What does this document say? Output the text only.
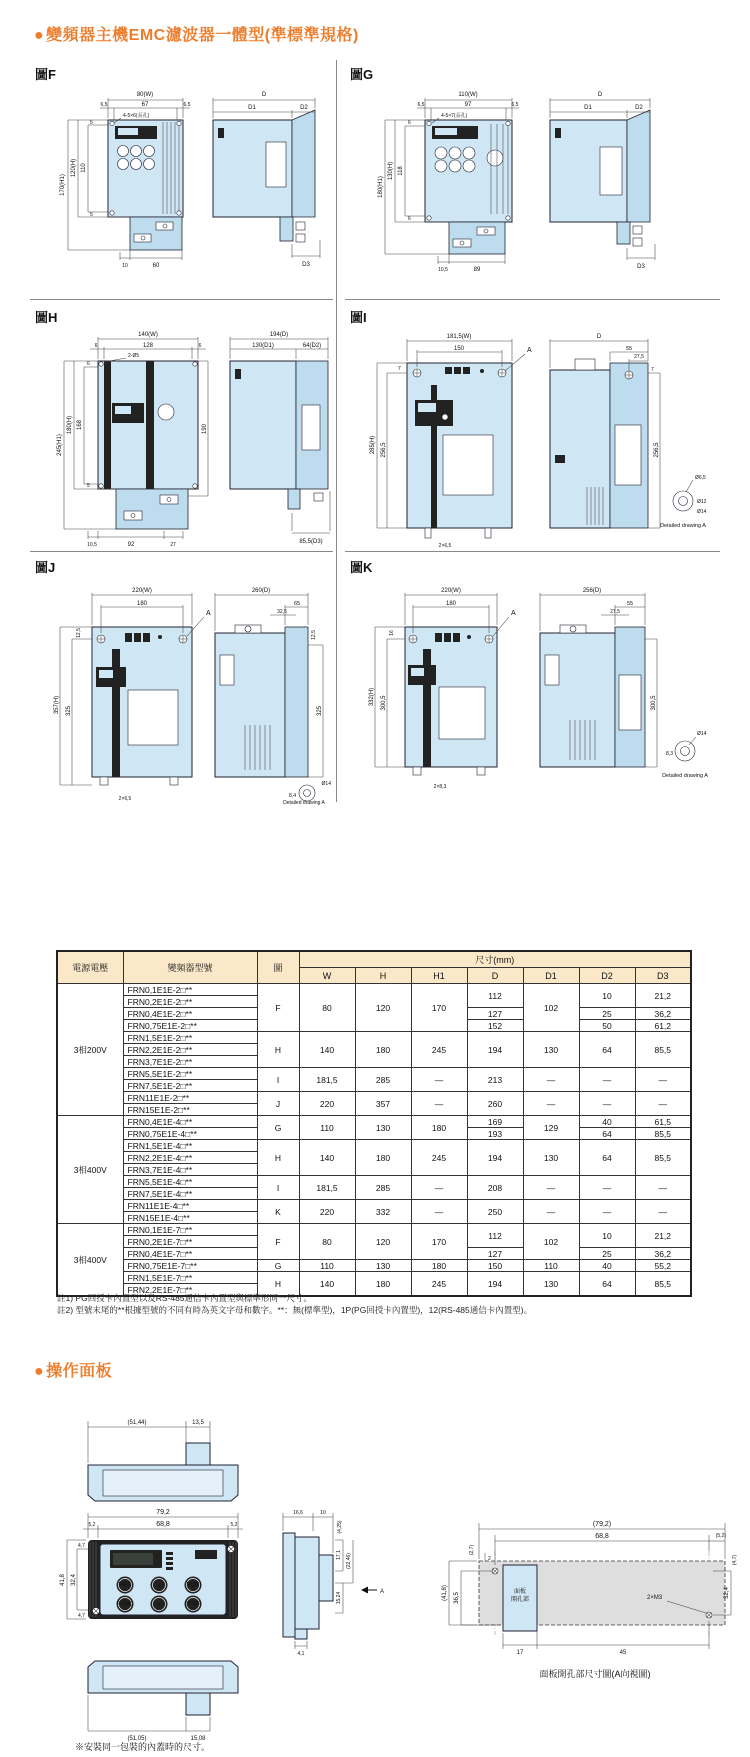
● 變頻器主機EMC濾波器一體型(準標準規格)
圖F	圖G
圖H	圖I
圖J	圖K
80(W)
6,5	67	6,5
4-5×6(長孔)
170(H1)
120(H) 110
5
5
10	60
D
D1	D2
D3
110(W)
6,5	97	6,5
4-5×7(長孔)
180(H1)
130(H) 118
6
6
10,5	89
D
D1	D2
D3
140(W)
6	128	6
2-Ø5
245(H1)
180(H) 168
6
5
190
10,5	92	27
194(D)
130(D1)	64(D2)
85,5(D3)
181,5(W)
150	A
7
285(H) 256,5
2×6,5
D
55
27,5
7
256,5
Ø6,5
Ø12
Ø14
Detailed drawing A
220(W)
180
A
12,5
357(H) 325
2×6,5
260(D)
65
32,5
12,5
325
Ø14
8,4
Detailed drawing A
220(W)
180
A
16
332(H) 300,5
2×8,3
256(D)
55
27,5
300,5
Ø14
8,3
Detailed drawing A
電源電壓	變頻器型號	圖	尺寸(mm)						
			W	H	H1	D	D1	D2	D3
3相200V	FRN0,1E1E-2□**	F	80	120	170	112	102	10	21,2
	FRN0,2E1E-2□**								
	FRN0,4E1E-2□**					127		25	36,2
	FRN0,75E1E-2□**					152		50	61,2
	FRN1,5E1E-2□**	H	140	180	245	194	130	64	85,5
	FRN2,2E1E-2□**								
	FRN3,7E1E-2□**								
	FRN5,5E1E-2□**	I	181,5	285	—	213	—	—	—
	FRN7,5E1E-2□**								
	FRN11E1E-2□**	J	220	357	—	260	—	—	—
	FRN15E1E-2□**								
3相400V	FRN0,4E1E-4□**	G	110	130	180	169	129	40	61,5
	FRN0,75E1E-4□**					193		64	85,5
	FRN1,5E1E-4□**	H	140	180	245	194	130	64	85,5
	FRN2,2E1E-4□**								
	FRN3,7E1E-4□**								
	FRN5,5E1E-4□**	I	181,5	285	—	208	—	—	—
	FRN7,5E1E-4□**								
	FRN11E1E-4□**	K	220	332	—	250	—	—	—
	FRN15E1E-4□**								
3相400V	FRN0,1E1E-7□**	F	80	120	170	112	102	10	21,2
	FRN0,2E1E-7□**								
	FRN0,4E1E-7□**					127		25	36,2
	FRN0,75E1E-7□**	G	110	130	180	150	110	40	55,2
	FRN1,5E1E-7□**	H	140	180	245	194	130	64	85,5
	FRN2,2E1E-7□**								
註1) PG回授卡內置型以及RS-485通信卡內置型與標準形同一尺寸。
註2) 型號末尾的**根據型號的不同有時為英文字母和數字。**：無(標準型)，1P(PG回授卡內置型)，12(RS-485通信卡內置型)。
● 操作面板
(51,44)	13,5
79,2
5,2	68,8	5,2
41,8 32,4
4,7
4,7
PRG	∧	RUN
FUNC	∨	STOP
(51,05)	15,08
16,6	10
(4,25)
17,1 (22,46)
15,24
4,1
A	面板
開孔部
(79,2)
68,8	(5,2)
(2,7)
2
(41,8) 36,5	32,4
(4,7)
17	45
2×M3
面板開孔部尺寸圖(A向視圖)
※安裝同一包裝的內蓋時的尺寸。
